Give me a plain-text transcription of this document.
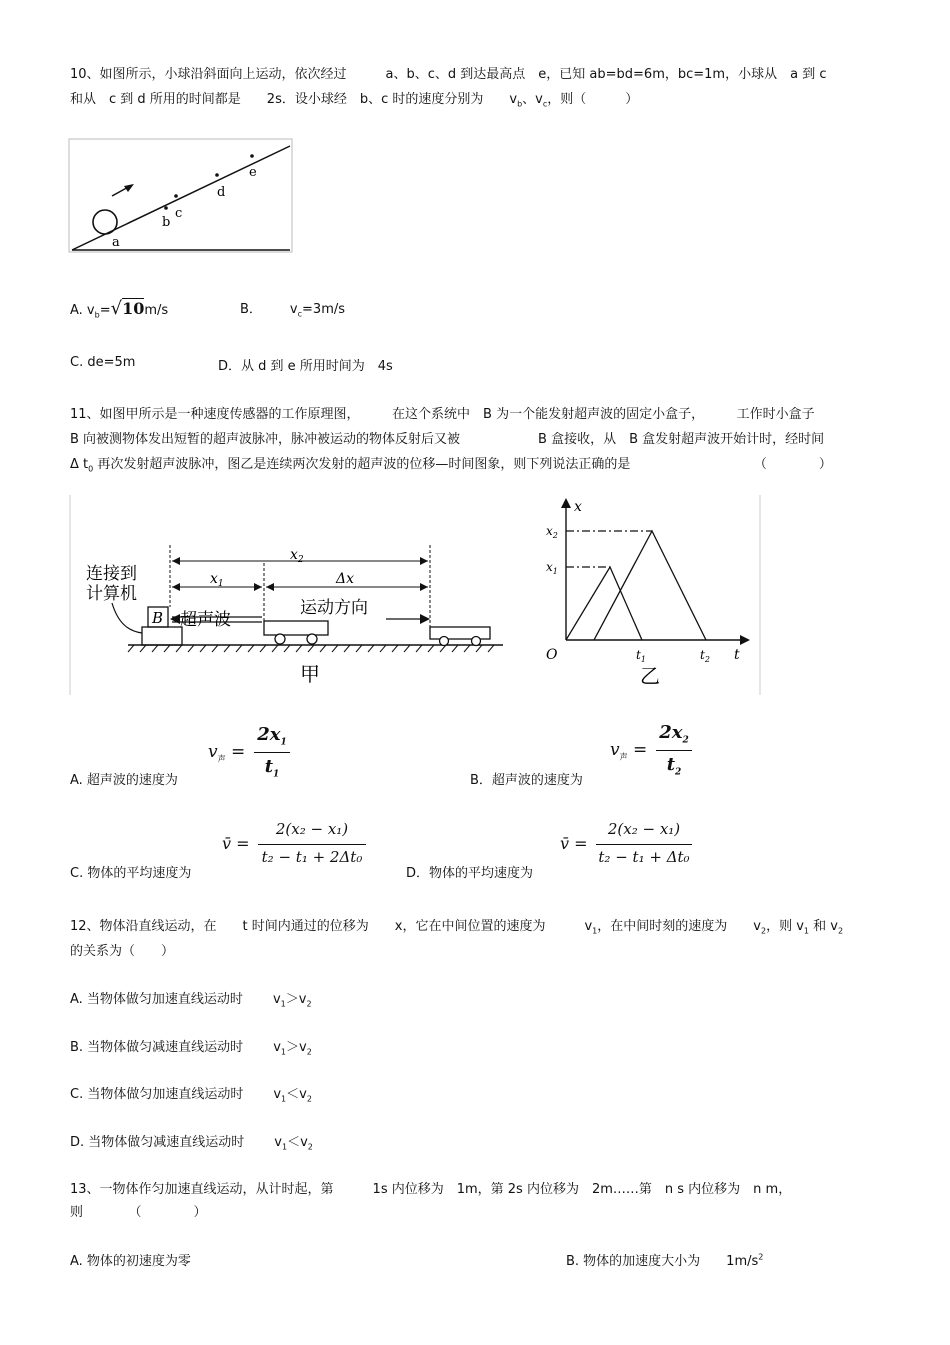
10、如图所示，小球沿斜面向上运动，依次经过　　　a、b、c、d 到达最高点　e，已知 ab=bd=6m，bc=1m，小球从　a 到 c
和从　c 到 d 所用的时间都是　　2s．设小球经　b、c 时的速度分别为　　$v_b$、$v_c$，则（　　　）
a
b
c
d
e
A. $v_b=√10m/s$	B． $v_c=3m/s$
C. de=5m	D．从 d 到 e 所用时间为　4s
11、如图甲所示是一种速度传感器的工作原理图，　　　在这个系统中　B 为一个能发射超声波的固定小盒子，　　　工作时小盒子
B 向被测物体发出短暂的超声波脉冲，脉冲被运动的物体反射后又被　　　　　　B 盒接收，从　B 盒发射超声波开始计时，经时间
Δ $t_0$ 再次发射超声波脉冲，图乙是连续两次发射的超声波的位移—时间图象，则下列说法正确的是　　　　　　　　　　（　　　　）
B
连接到
计算机
超声波
运动方向
$x_2$
$x_1$	Δx
甲
x
t
O
$x_2$
$x_1$
$t_1$	$t_2$
乙
A. 超声波的速度为
$v_声$ =
$2x_1$
$t_1$	B．超声波的速度为
$v_声$ =
$2x_2$
$t_2$
C. 物体的平均速度为
v̄ =
2(x₂ − x₁)
t₂ − t₁ + 2Δt₀
D．物体的平均速度为
v̄ =
2(x₂ − x₁)
t₂ − t₁ + Δt₀
12、物体沿直线运动，在　　t 时间内通过的位移为　　x，它在中间位置的速度为　　　$v_1$，在中间时刻的速度为　　$v_2$，则 $v_1$ 和 $v_2$
的关系为（　　）
A. 当物体做匀加速直线运动时 $v_1>v_2$
B. 当物体做匀减速直线运动时 $v_1>v_2$
C. 当物体做匀加速直线运动时 $v_1<v_2$
D. 当物体做匀减速直线运动时 $v_1<v_2$
13、一物体作匀加速直线运动，从计时起，第　　　1s 内位移为　1m，第 2s 内位移为　2m……第　n s 内位移为　n m，
则　　　　（　　　　）
A. 物体的初速度为零	B. 物体的加速度大小为　　$1m/s^2$
